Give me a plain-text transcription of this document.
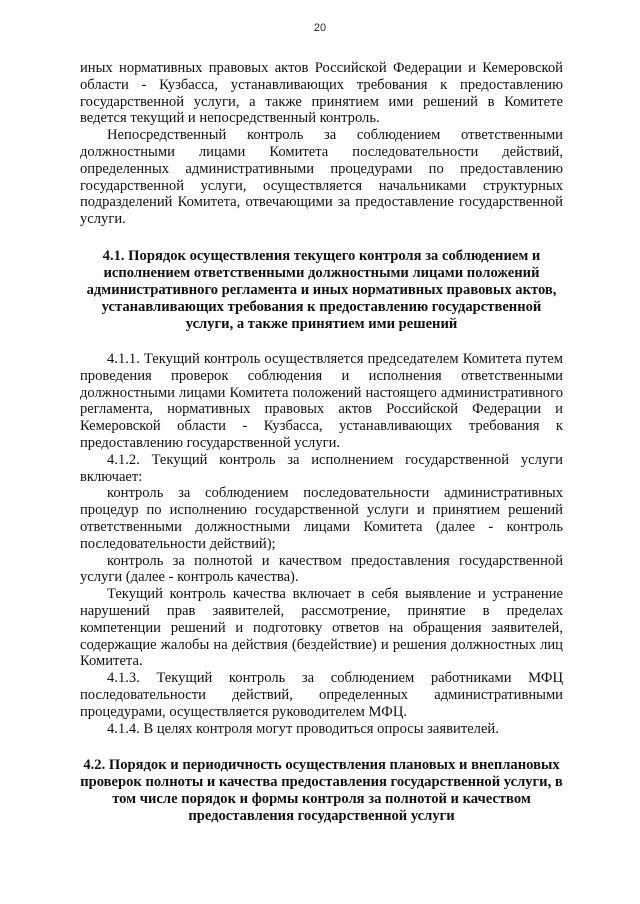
20

иных нормативных правовых актов Российской Федерации и Кемеровской области - Кузбасса, устанавливающих требования к предоставлению государственной услуги, а также принятием ими решений в Комитете ведется текущий и непосредственный контроль.

Непосредственный контроль за соблюдением ответственными должностными лицами Комитета последовательности действий, определенных административными процедурами по предоставлению государственной услуги, осуществляется начальниками структурных подразделений Комитета, отвечающими за предоставление государственной услуги.

4.1. Порядок осуществления текущего контроля за соблюдением и исполнением ответственными должностными лицами положений административного регламента и иных нормативных правовых актов, устанавливающих требования к предоставлению государственной услуги, а также принятием ими решений

4.1.1. Текущий контроль осуществляется председателем Комитета путем проведения проверок соблюдения и исполнения ответственными должностными лицами Комитета положений настоящего административного регламента, нормативных правовых актов Российской Федерации и Кемеровской области - Кузбасса, устанавливающих требования к предоставлению государственной услуги.

4.1.2. Текущий контроль за исполнением государственной услуги включает:

контроль за соблюдением последовательности административных процедур по исполнению государственной услуги и принятием решений ответственными должностными лицами Комитета (далее - контроль последовательности действий);

контроль за полнотой и качеством предоставления государственной услуги (далее - контроль качества).

Текущий контроль качества включает в себя выявление и устранение нарушений прав заявителей, рассмотрение, принятие в пределах компетенции решений и подготовку ответов на обращения заявителей, содержащие жалобы на действия (бездействие) и решения должностных лиц Комитета.

4.1.3. Текущий контроль за соблюдением работниками МФЦ последовательности действий, определенных административными процедурами, осуществляется руководителем МФЦ.

4.1.4. В целях контроля могут проводиться опросы заявителей.

4.2. Порядок и периодичность осуществления плановых и внеплановых проверок полноты и качества предоставления государственной услуги, в том числе порядок и формы контроля за полнотой и качеством предоставления государственной услуги
